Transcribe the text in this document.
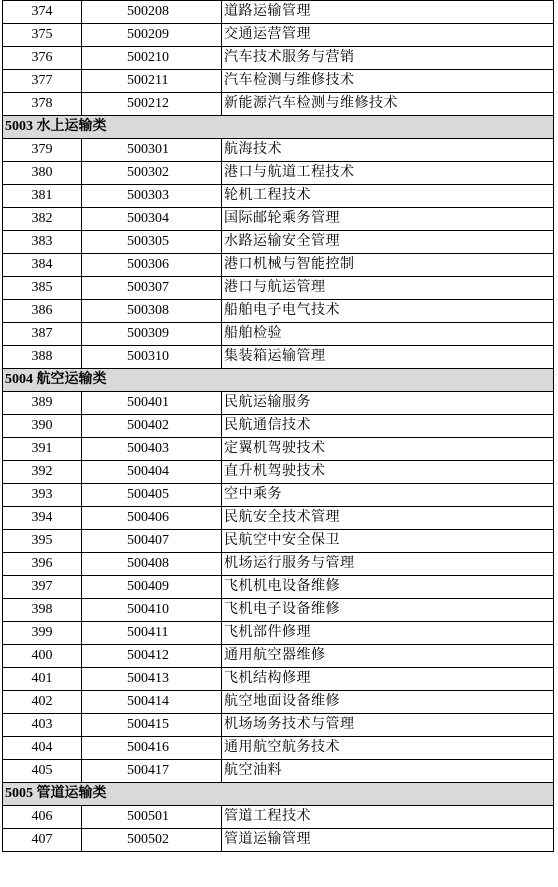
374	500208	道路运输管理
375	500209	交通运营管理
376	500210	汽车技术服务与营销
377	500211	汽车检测与维修技术
378	500212	新能源汽车检测与维修技术
5003 水上运输类		
379	500301	航海技术
380	500302	港口与航道工程技术
381	500303	轮机工程技术
382	500304	国际邮轮乘务管理
383	500305	水路运输安全管理
384	500306	港口机械与智能控制
385	500307	港口与航运管理
386	500308	船舶电子电气技术
387	500309	船舶检验
388	500310	集装箱运输管理
5004 航空运输类		
389	500401	民航运输服务
390	500402	民航通信技术
391	500403	定翼机驾驶技术
392	500404	直升机驾驶技术
393	500405	空中乘务
394	500406	民航安全技术管理
395	500407	民航空中安全保卫
396	500408	机场运行服务与管理
397	500409	飞机机电设备维修
398	500410	飞机电子设备维修
399	500411	飞机部件修理
400	500412	通用航空器维修
401	500413	飞机结构修理
402	500414	航空地面设备维修
403	500415	机场场务技术与管理
404	500416	通用航空航务技术
405	500417	航空油料
5005 管道运输类		
406	500501	管道工程技术
407	500502	管道运输管理
